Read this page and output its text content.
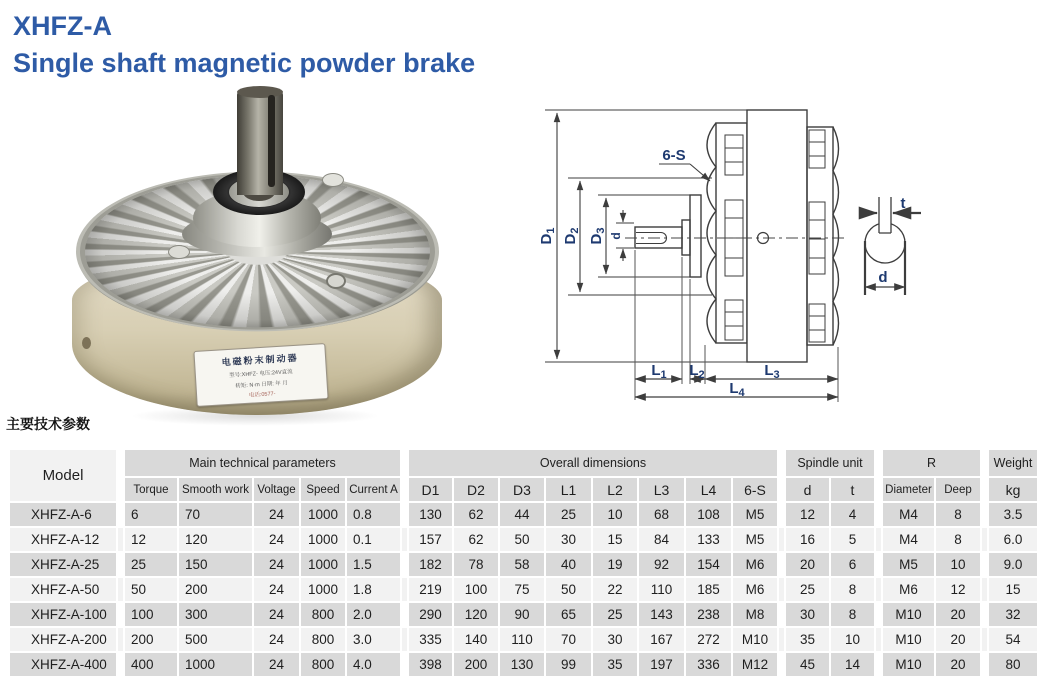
XHFZ-A
Single shaft magnetic powder brake
电磁粉末制动器
型号:XHFZ- 电压:24V直流
转矩: N·m 日期: 年 月
电话:0577-
$D_1$
$D_2$
$D_3$
d
6-S
$L_1$ $L_2$	$L_3$
$L_4$
t
d
主要技术参数
Model		Main technical parameters						Overall dimensions									Spindle unit			R			Weight
		Torque	Smooth work	Voltage	Speed	Current A		D1	D2	D3	L1	L2	L3	L4	6-S		d	t		Diameter	Deep		kg
XHFZ-A-6		6	70	24	1000	0.8		130	62	44	25	10	68	108	M5		12	4		M4	8		3.5
XHFZ-A-12		12	120	24	1000	0.1		157	62	50	30	15	84	133	M5		16	5		M4	8		6.0
XHFZ-A-25		25	150	24	1000	1.5		182	78	58	40	19	92	154	M6		20	6		M5	10		9.0
XHFZ-A-50		50	200	24	1000	1.8		219	100	75	50	22	110	185	M6		25	8		M6	12		15
XHFZ-A-100		100	300	24	800	2.0		290	120	90	65	25	143	238	M8		30	8		M10	20		32
XHFZ-A-200		200	500	24	800	3.0		335	140	110	70	30	167	272	M10		35	10		M10	20		54
XHFZ-A-400		400	1000	24	800	4.0		398	200	130	99	35	197	336	M12		45	14		M10	20		80
